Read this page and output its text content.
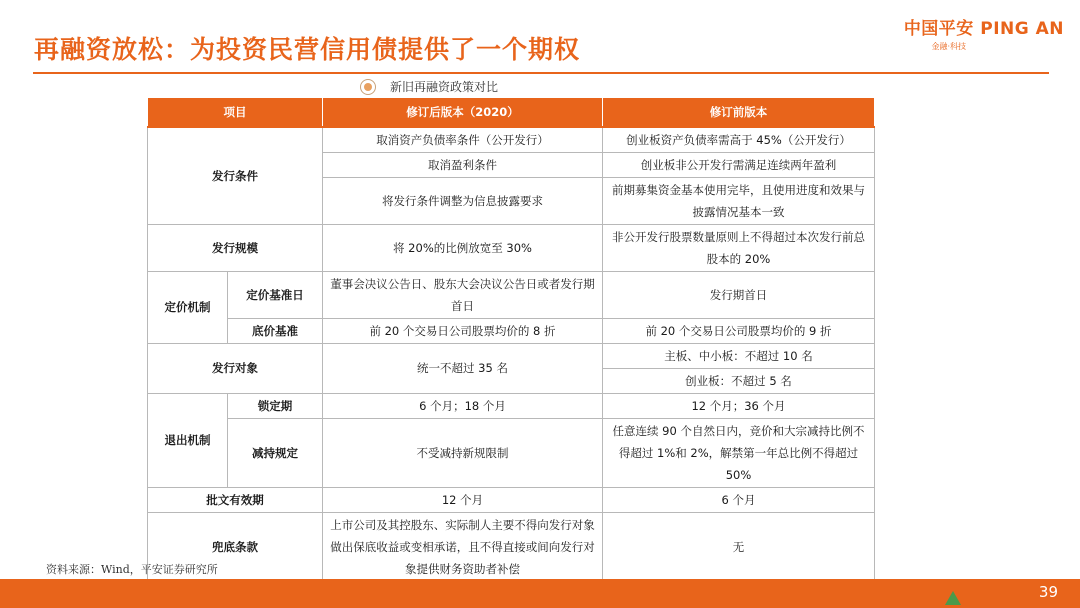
再融资放松：为投资民营信用债提供了一个期权
中国平安 PING AN
金融·科技
新旧再融资政策对比
项目		修订后版本（2020）	修订前版本
发行条件		取消资产负债率条件（公开发行）	创业板资产负债率需高于 45%（公开发行）
		取消盈利条件	创业板非公开发行需满足连续两年盈利
		将发行条件调整为信息披露要求	前期募集资金基本使用完毕，且使用进度和效果与披露情况基本一致
发行规模		将 20%的比例放宽至 30%	非公开发行股票数量原则上不得超过本次发行前总股本的 20%
定价机制	定价基准日	董事会决议公告日、股东大会决议公告日或者发行期首日	发行期首日
	底价基准	前 20 个交易日公司股票均价的 8 折	前 20 个交易日公司股票均价的 9 折
发行对象		统一不超过 35 名	主板、中小板：不超过 10 名
			创业板：不超过 5 名
退出机制	锁定期	6 个月；18 个月	12 个月；36 个月
	减持规定	不受减持新规限制	任意连续 90 个自然日内，竞价和大宗减持比例不得超过 1%和 2%，解禁第一年总比例不得超过 50%
批文有效期		12 个月	6 个月
兜底条款		上市公司及其控股东、实际制人主要不得向发行对象做出保底收益或变相承诺，且不得直接或间向发行对象提供财务资助者补偿	无
资料来源：Wind，平安证券研究所
39
